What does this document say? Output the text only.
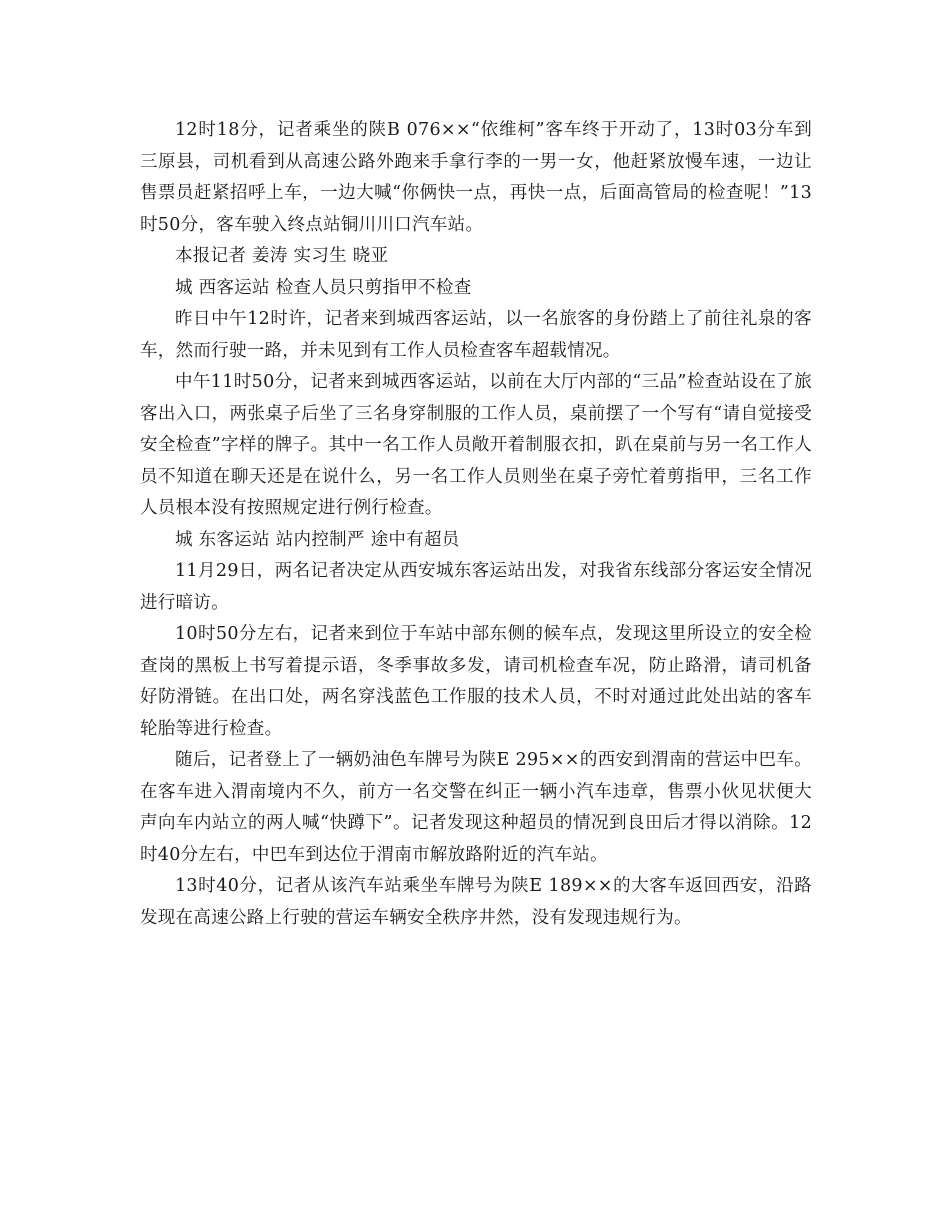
12时18分，记者乘坐的陕B 076××“依维柯”客车终于开动了，13时03分车到三原县，司机看到从高速公路外跑来手拿行李的一男一女，他赶紧放慢车速，一边让售票员赶紧招呼上车，一边大喊“你俩快一点，再快一点，后面高管局的检查呢！”13时50分，客车驶入终点站铜川川口汽车站。

本报记者 姜涛 实习生 晓亚

城 西客运站 检查人员只剪指甲不检查

昨日中午12时许，记者来到城西客运站，以一名旅客的身份踏上了前往礼泉的客车，然而行驶一路，并未见到有工作人员检查客车超载情况。

中午11时50分，记者来到城西客运站，以前在大厅内部的“三品”检查站设在了旅客出入口，两张桌子后坐了三名身穿制服的工作人员，桌前摆了一个写有“请自觉接受安全检查”字样的牌子。其中一名工作人员敞开着制服衣扣，趴在桌前与另一名工作人员不知道在聊天还是在说什么，另一名工作人员则坐在桌子旁忙着剪指甲，三名工作人员根本没有按照规定进行例行检查。

城 东客运站 站内控制严 途中有超员

11月29日，两名记者决定从西安城东客运站出发，对我省东线部分客运安全情况进行暗访。

10时50分左右，记者来到位于车站中部东侧的候车点，发现这里所设立的安全检查岗的黑板上书写着提示语，冬季事故多发，请司机检查车况，防止路滑，请司机备好防滑链。在出口处，两名穿浅蓝色工作服的技术人员，不时对通过此处出站的客车轮胎等进行检查。

随后，记者登上了一辆奶油色车牌号为陕E 295××的西安到渭南的营运中巴车。在客车进入渭南境内不久，前方一名交警在纠正一辆小汽车违章，售票小伙见状便大声向车内站立的两人喊“快蹲下”。记者发现这种超员的情况到良田后才得以消除。12时40分左右，中巴车到达位于渭南市解放路附近的汽车站。

13时40分，记者从该汽车站乘坐车牌号为陕E 189××的大客车返回西安，沿路发现在高速公路上行驶的营运车辆安全秩序井然，没有发现违规行为。
